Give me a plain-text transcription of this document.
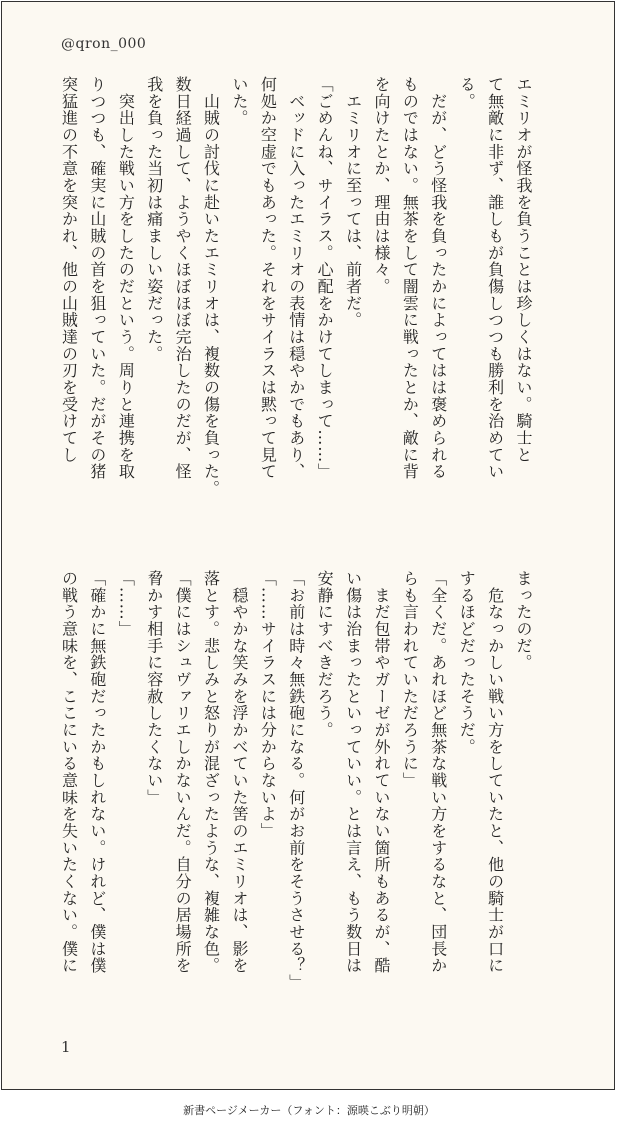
@qron_000
エミリオが怪我を負うことは珍しくはない。騎士と
て無敵に非ず、誰しもが負傷しつつも勝利を治めてい
る。
　だが、どう怪我を負ったかによってはは褒められる
ものではない。無茶をして闇雲に戦ったとか、敵に背
を向けたとか、理由は様々。
　エミリオに至っては、前者だ。
「ごめんね、サイラス。心配をかけてしまって……」
　ベッドに入ったエミリオの表情は穏やかでもあり、
何処か空虚でもあった。それをサイラスは黙って見て
いた。
　山賊の討伐に赴いたエミリオは、複数の傷を負った。
数日経過して、ようやくほぼほぼ完治したのだが、怪
我を負った当初は痛ましい姿だった。
　突出した戦い方をしたのだという。周りと連携を取
りつつも、確実に山賊の首を狙っていた。だがその猪
突猛進の不意を突かれ、他の山賊達の刃を受けてし
まったのだ。
　危なっかしい戦い方をしていたと、他の騎士が口に
するほどだったそうだ。
「全くだ。あれほど無茶な戦い方をするなと、団長か
らも言われていただろうに」
　まだ包帯やガーゼが外れていない箇所もあるが、酷
い傷は治まったといっていい。とは言え、もう数日は
安静にすべきだろう。
「お前は時々無鉄砲になる。何がお前をそうさせる？」
「……サイラスには分からないよ」
　穏やかな笑みを浮かべていた筈のエミリオは、影を
落とす。悲しみと怒りが混ざったような、複雑な色。
「僕にはシュヴァリエしかないんだ。自分の居場所を
脅かす相手に容赦したくない」
「……」
「確かに無鉄砲だったかもしれない。けれど、僕は僕
の戦う意味を、ここにいる意味を失いたくない。僕に
1
新書ページメーカー（フォント：源暎こぶり明朝）
